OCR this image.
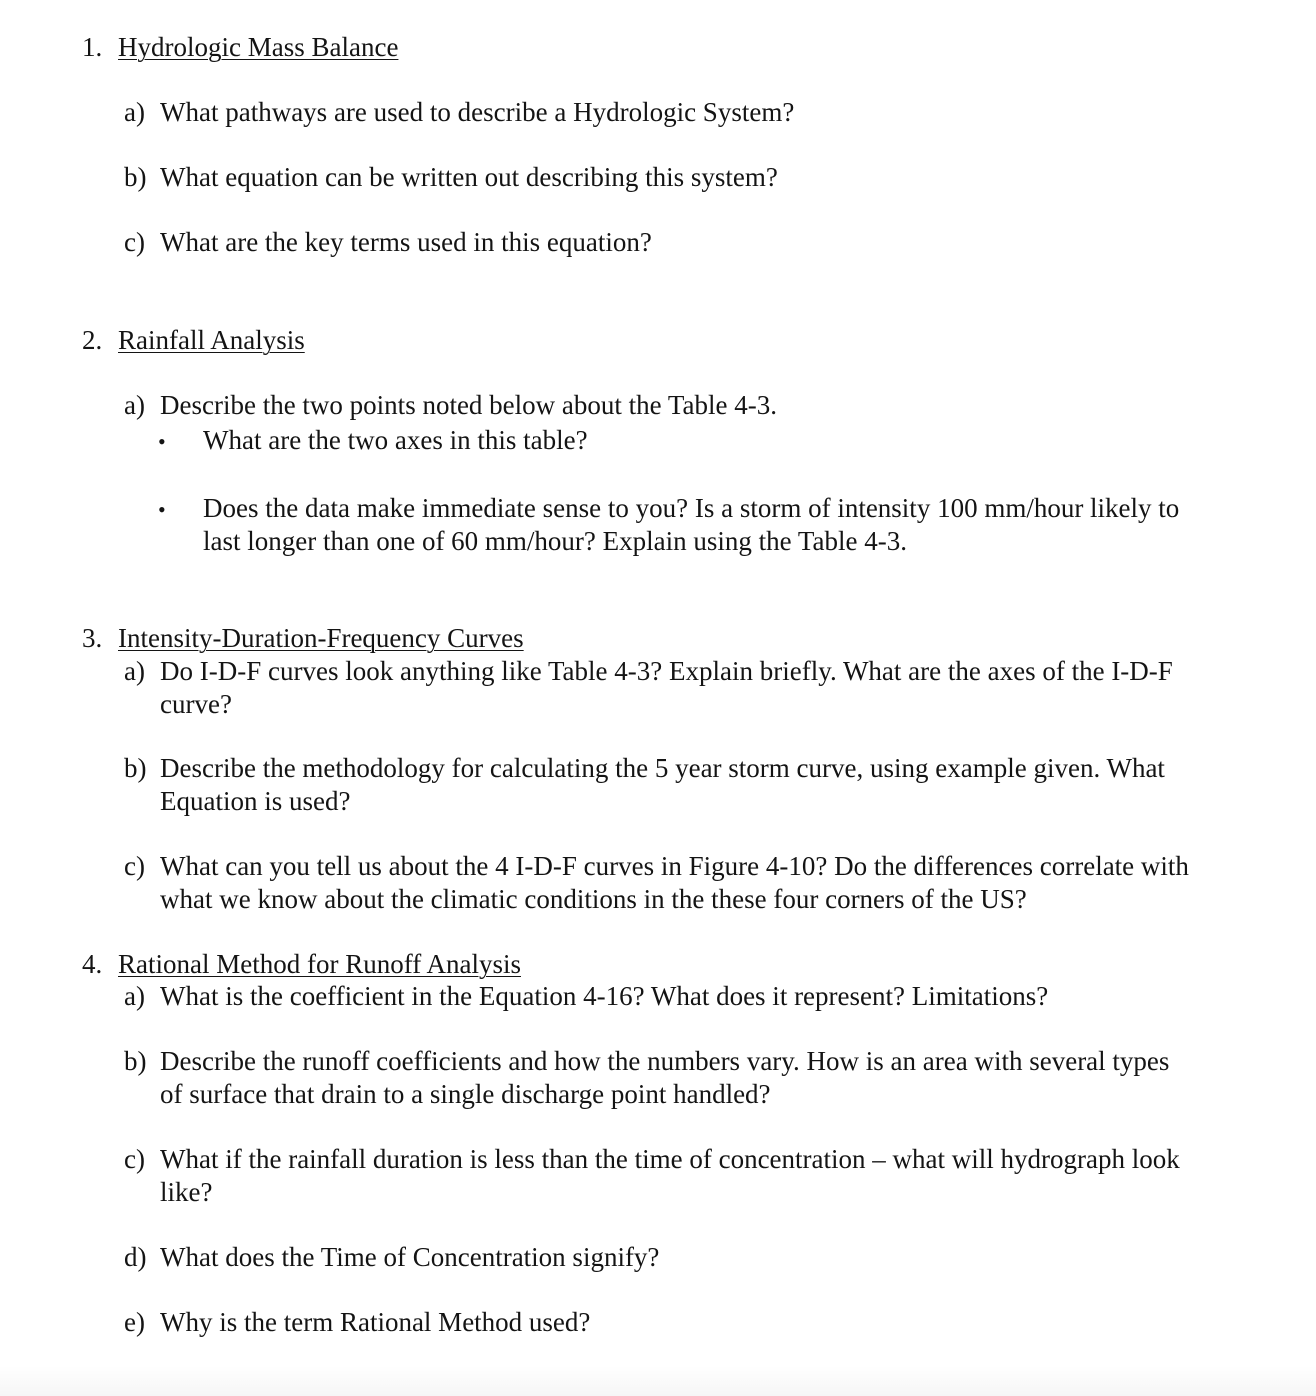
1. Hydrologic Mass Balance
a) What pathways are used to describe a Hydrologic System?
b) What equation can be written out describing this system?
c) What are the key terms used in this equation?
2. Rainfall Analysis
a) Describe the two points noted below about the Table 4-3.
• What are the two axes in this table?
• Does the data make immediate sense to you? Is a storm of intensity 100 mm/hour likely to last longer than one of 60 mm/hour? Explain using the Table 4-3.
3. Intensity-Duration-Frequency Curves
a) Do I-D-F curves look anything like Table 4-3? Explain briefly. What are the axes of the I-D-F curve?
b) Describe the methodology for calculating the 5 year storm curve, using example given. What Equation is used?
c) What can you tell us about the 4 I-D-F curves in Figure 4-10? Do the differences correlate with what we know about the climatic conditions in the these four corners of the US?
4. Rational Method for Runoff Analysis
a) What is the coefficient in the Equation 4-16? What does it represent? Limitations?
b) Describe the runoff coefficients and how the numbers vary. How is an area with several types of surface that drain to a single discharge point handled?
c) What if the rainfall duration is less than the time of concentration – what will hydrograph look like?
d) What does the Time of Concentration signify?
e) Why is the term Rational Method used?
